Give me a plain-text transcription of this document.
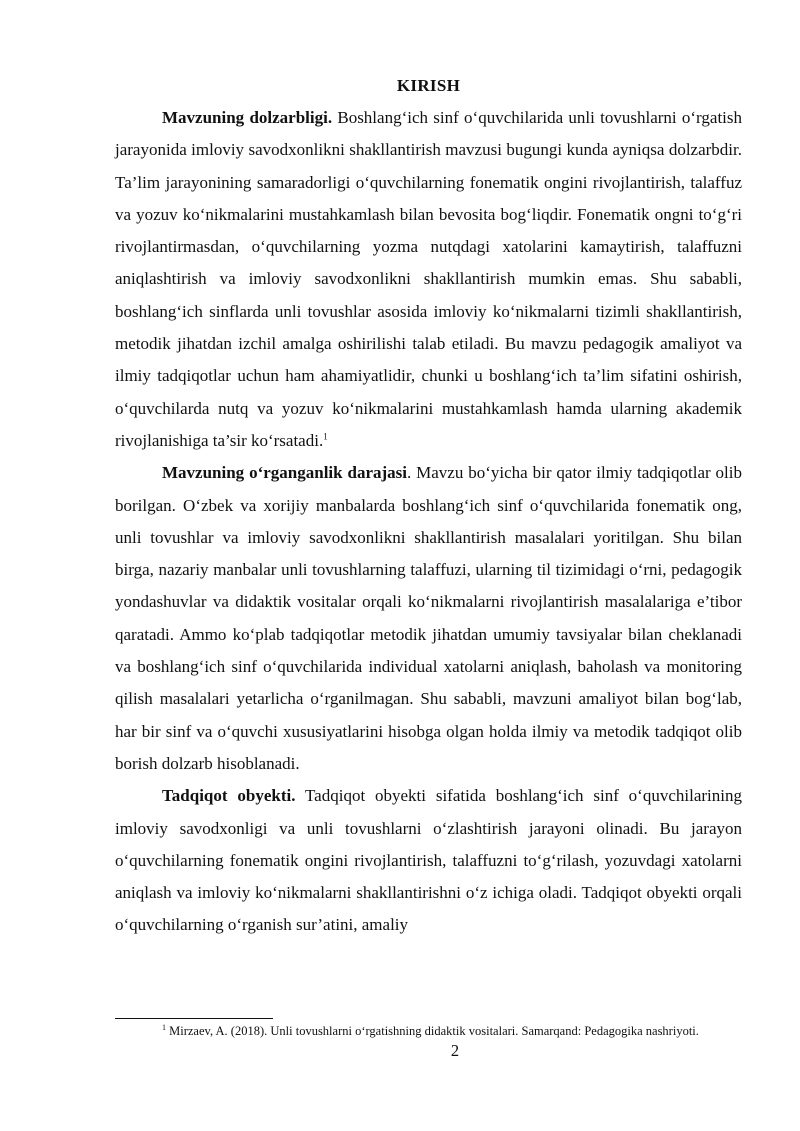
KIRISH

Mavzuning dolzarbligi. Boshlang‘ich sinf o‘quvchilarida unli tovushlarni o‘rgatish jarayonida imloviy savodxonlikni shakllantirish mavzusi bugungi kunda ayniqsa dolzarbdir. Ta’lim jarayonining samaradorligi o‘quvchilarning fonematik ongini rivojlantirish, talaffuz va yozuv ko‘nikmalarini mustahkamlash bilan bevosita bog‘liqdir. Fonematik ongni to‘g‘ri rivojlantirmasdan, o‘quvchilarning yozma nutqdagi xatolarini kamaytirish, talaffuzni aniqlashtirish va imloviy savodxonlikni shakllantirish mumkin emas. Shu sababli, boshlang‘ich sinflarda unli tovushlar asosida imloviy ko‘nikmalarni tizimli shakllantirish, metodik jihatdan izchil amalga oshirilishi talab etiladi. Bu mavzu pedagogik amaliyot va ilmiy tadqiqotlar uchun ham ahamiyatlidir, chunki u boshlang‘ich ta’lim sifatini oshirish, o‘quvchilarda nutq va yozuv ko‘nikmalarini mustahkamlash hamda ularning akademik rivojlanishiga ta’sir ko‘rsatadi.$^1$

Mavzuning o‘rganganlik darajasi. Mavzu bo‘yicha bir qator ilmiy tadqiqotlar olib borilgan. O‘zbek va xorijiy manbalarda boshlang‘ich sinf o‘quvchilarida fonematik ong, unli tovushlar va imloviy savodxonlikni shakllantirish masalalari yoritilgan. Shu bilan birga, nazariy manbalar unli tovushlarning talaffuzi, ularning til tizimidagi o‘rni, pedagogik yondashuvlar va didaktik vositalar orqali ko‘nikmalarni rivojlantirish masalalariga e’tibor qaratadi. Ammo ko‘plab tadqiqotlar metodik jihatdan umumiy tavsiyalar bilan cheklanadi va boshlang‘ich sinf o‘quvchilarida individual xatolarni aniqlash, baholash va monitoring qilish masalalari yetarlicha o‘rganilmagan. Shu sababli, mavzuni amaliyot bilan bog‘lab, har bir sinf va o‘quvchi xususiyatlarini hisobga olgan holda ilmiy va metodik tadqiqot olib borish dolzarb hisoblanadi.

Tadqiqot obyekti. Tadqiqot obyekti sifatida boshlang‘ich sinf o‘quvchilarining imloviy savodxonligi va unli tovushlarni o‘zlashtirish jarayoni olinadi. Bu jarayon o‘quvchilarning fonematik ongini rivojlantirish, talaffuzni to‘g‘rilash, yozuvdagi xatolarni aniqlash va imloviy ko‘nikmalarni shakllantirishni o‘z ichiga oladi. Tadqiqot obyekti orqali o‘quvchilarning o‘rganish sur’atini, amaliy

$^1$ Mirzaev, A. (2018). Unli tovushlarni o‘rgatishning didaktik vositalari. Samarqand: Pedagogika nashriyoti.
2
